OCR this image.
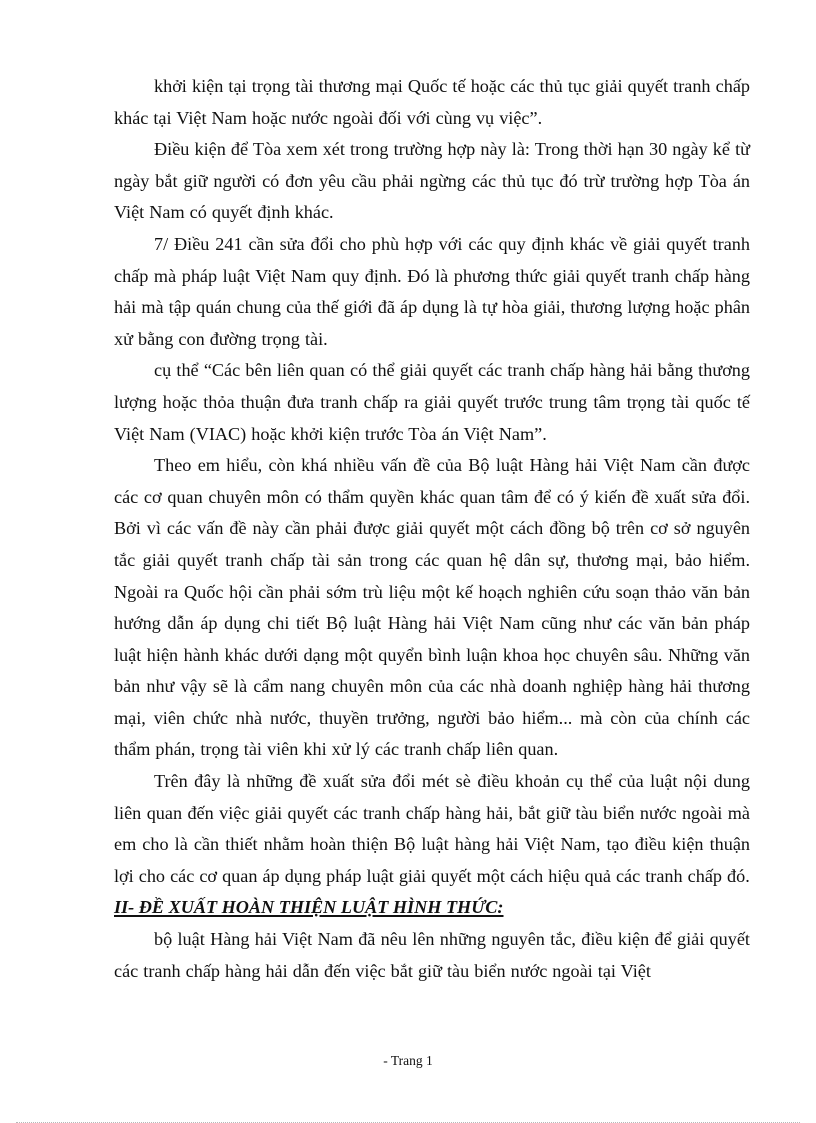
khởi kiện tại trọng tài thương mại Quốc tế hoặc các thủ tục giải quyết tranh chấp khác tại Việt Nam hoặc nước ngoài đối với cùng vụ việc”.

Điều kiện để Tòa xem xét trong trường hợp này là: Trong thời hạn 30 ngày kể từ ngày bắt giữ người có đơn yêu cầu phải ngừng các thủ tục đó trừ trường hợp Tòa án Việt Nam có quyết định khác.

7/ Điều 241 cần sửa đổi cho phù hợp với các quy định khác về giải quyết tranh chấp mà pháp luật Việt Nam quy định. Đó là phương thức giải quyết tranh chấp hàng hải mà tập quán chung của thế giới đã áp dụng là tự hòa giải, thương lượng hoặc phân xử bằng con đường trọng tài.

cụ thể “Các bên liên quan có thể giải quyết các tranh chấp hàng hải bằng thương lượng hoặc thỏa thuận đưa tranh chấp ra giải quyết trước trung tâm trọng tài quốc tế Việt Nam (VIAC) hoặc khởi kiện trước Tòa án Việt Nam”.

Theo em hiểu, còn khá nhiều vấn đề của Bộ luật Hàng hải Việt Nam cần được các cơ quan chuyên môn có thẩm quyền khác quan tâm để có ý kiến đề xuất sửa đổi. Bởi vì các vấn đề này cần phải được giải quyết một cách đồng bộ trên cơ sở nguyên tắc giải quyết tranh chấp tài sản trong các quan hệ dân sự, thương mại, bảo hiểm. Ngoài ra Quốc hội cần phải sớm trù liệu một kế hoạch nghiên cứu soạn thảo văn bản hướng dẫn áp dụng chi tiết Bộ luật Hàng hải Việt Nam cũng như các văn bản pháp luật hiện hành khác dưới dạng một quyển bình luận khoa học chuyên sâu. Những văn bản như vậy sẽ là cẩm nang chuyên môn của các nhà doanh nghiệp hàng hải thương mại, viên chức nhà nước, thuyền trưởng, người bảo hiểm... mà còn của chính các thẩm phán, trọng tài viên khi xử lý các tranh chấp liên quan.

Trên đây là những đề xuất sửa đổi mét sè điều khoản cụ thể của luật nội dung liên quan đến việc giải quyết các tranh chấp hàng hải, bắt giữ tàu biển nước ngoài mà em cho là cần thiết nhằm hoàn thiện Bộ luật hàng hải Việt Nam, tạo điều kiện thuận lợi cho các cơ quan áp dụng pháp luật giải quyết một cách hiệu quả các tranh chấp đó.

II- ĐỀ XUẤT HOÀN THIỆN LUẬT HÌNH THỨC:

bộ luật Hàng hải Việt Nam đã nêu lên những nguyên tắc, điều kiện để giải quyết các tranh chấp hàng hải dẫn đến việc bắt giữ tàu biển nước ngoài tại Việt

- Trang 1
